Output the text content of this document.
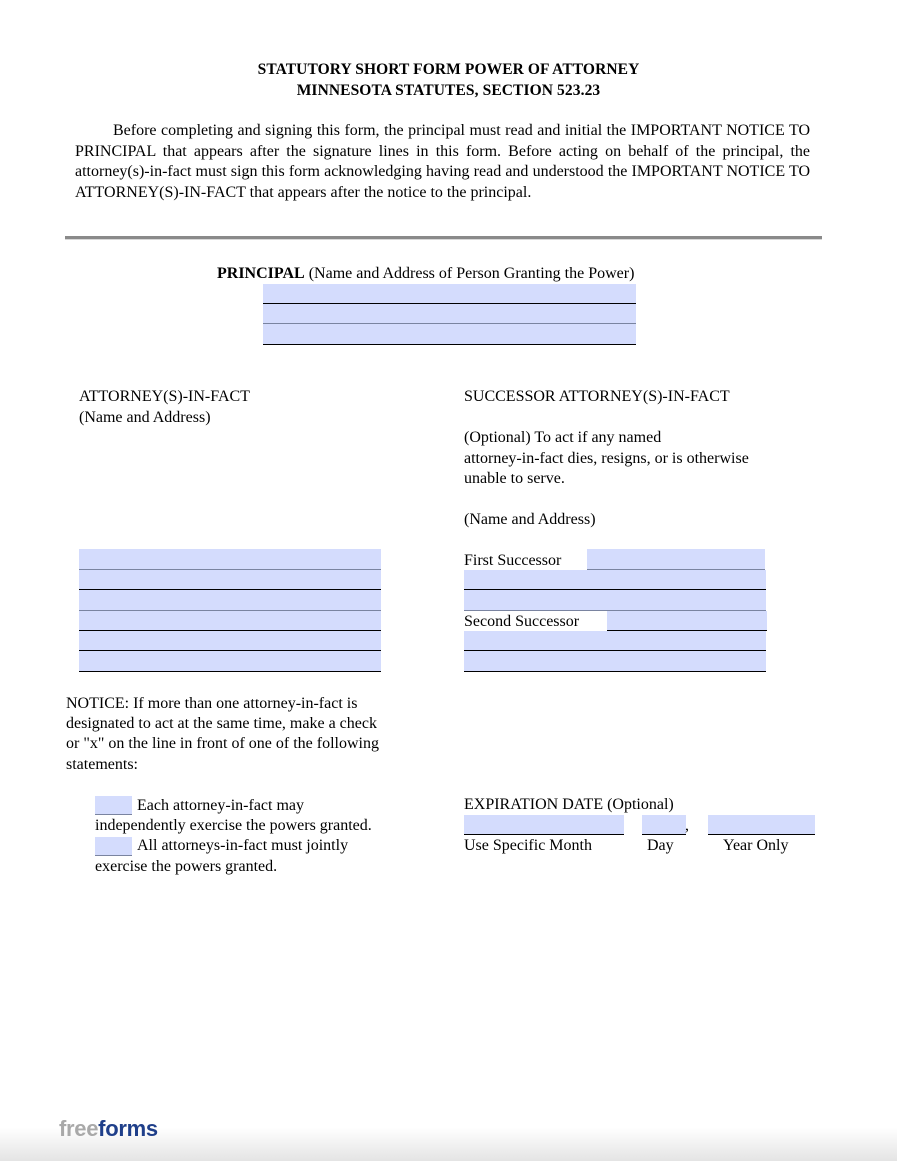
STATUTORY SHORT FORM POWER OF ATTORNEY
MINNESOTA STATUTES, SECTION 523.23
Before completing and signing this form, the principal must read and initial the IMPORTANT NOTICE TO PRINCIPAL that appears after the signature lines in this form. Before acting on behalf of the principal, the attorney(s)-in-fact must sign this form acknowledging having read and understood the IMPORTANT NOTICE TO ATTORNEY(S)-IN-FACT that appears after the notice to the principal.
PRINCIPAL (Name and Address of Person Granting the Power)
ATTORNEY(S)-IN-FACT
(Name and Address)
SUCCESSOR ATTORNEY(S)-IN-FACT
(Optional) To act if any named
attorney-in-fact dies, resigns, or is otherwise
unable to serve.
(Name and Address)
First Successor
Second Successor
NOTICE: If more than one attorney-in-fact is
designated to act at the same time, make a check
or "x" on the line in front of one of the following
statements:
Each attorney-in-fact may
independently exercise the powers granted.
All attorneys-in-fact must jointly
exercise the powers granted.
EXPIRATION DATE (Optional)
,
Use Specific Month	Day	Year Only
freeforms
